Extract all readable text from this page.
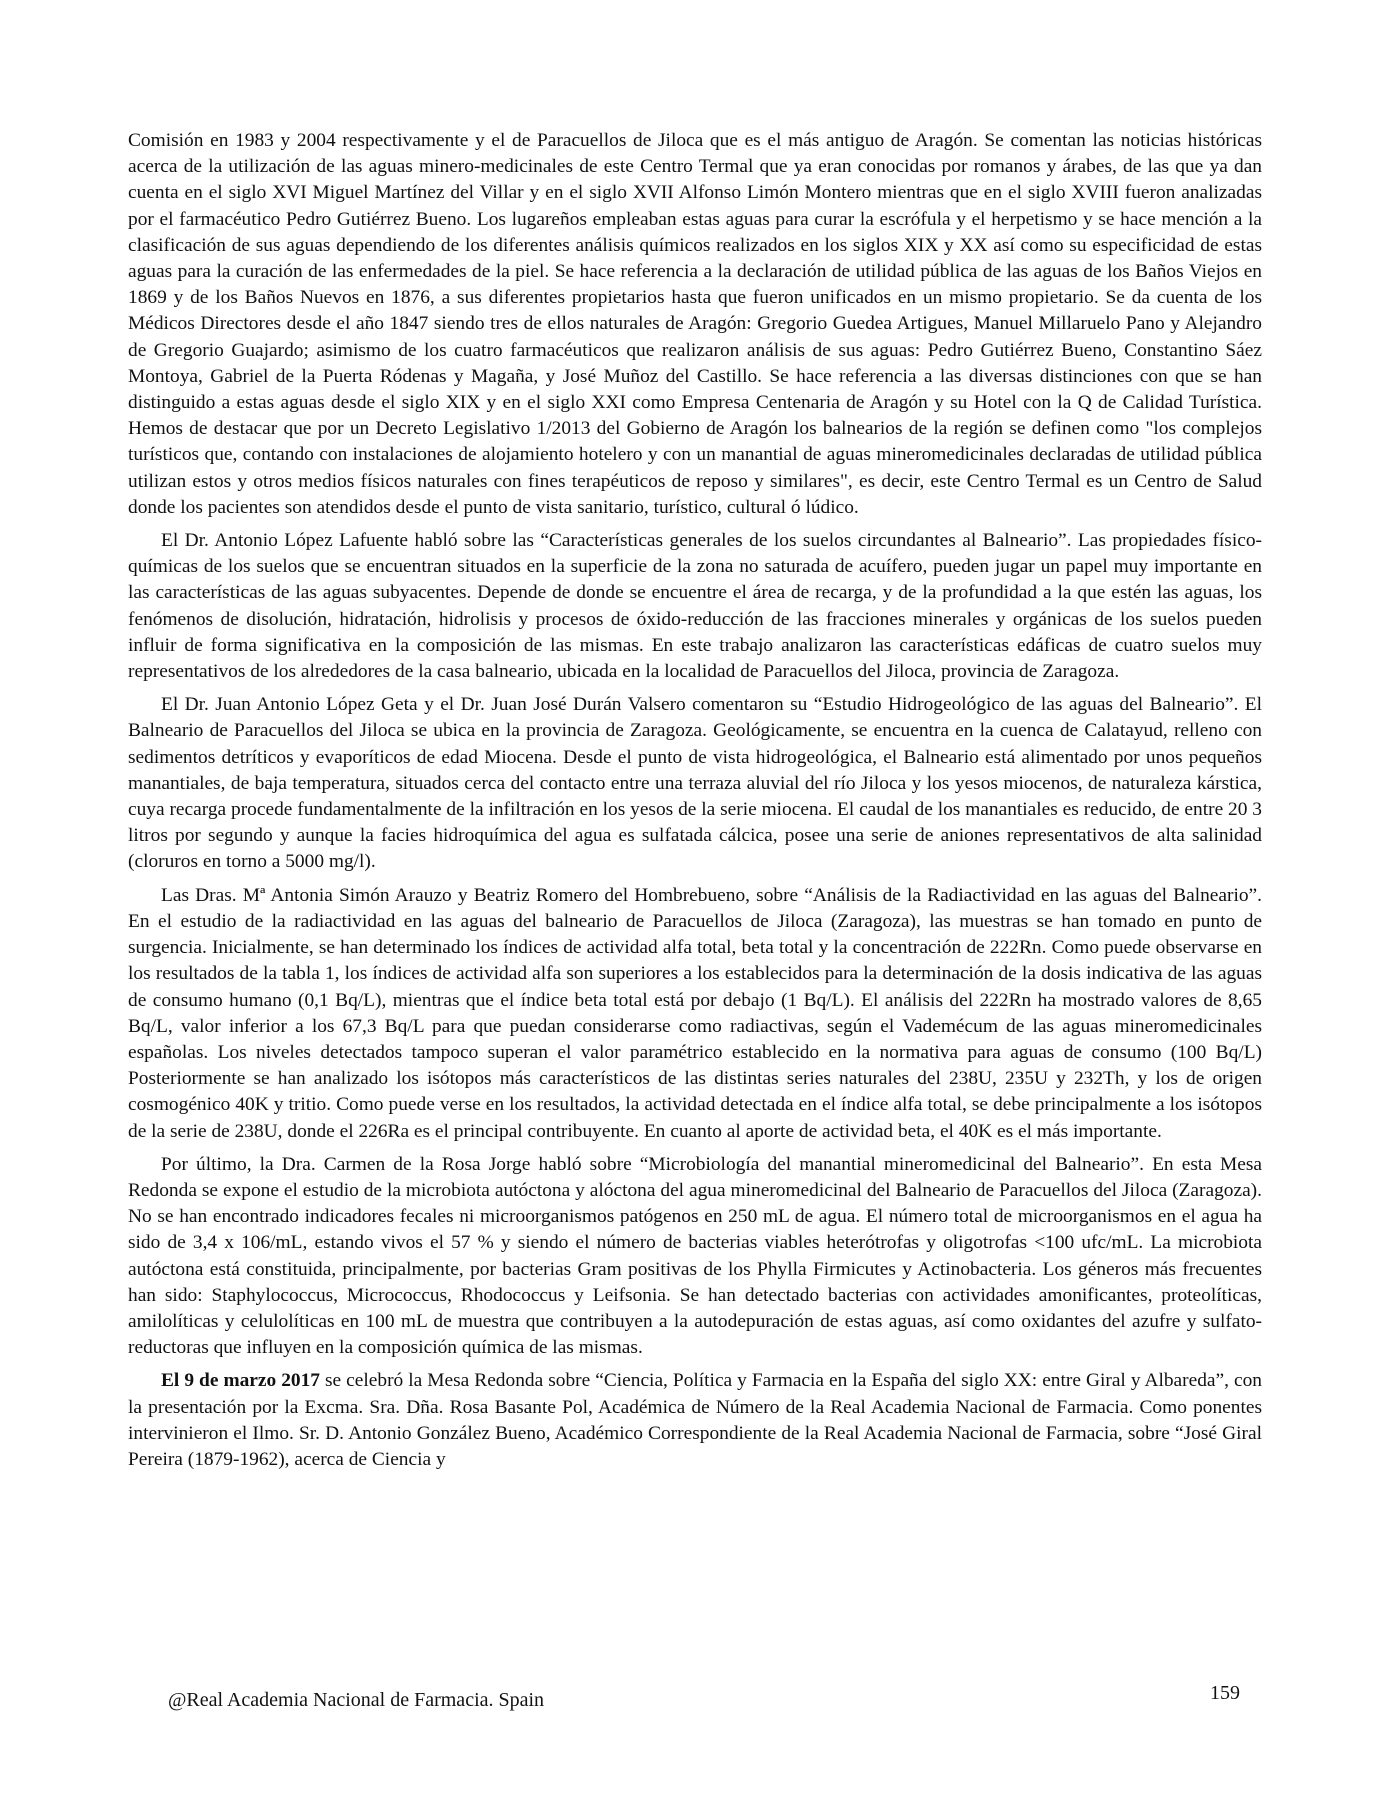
Comisión en 1983 y 2004 respectivamente y el de Paracuellos de Jiloca que es el más antiguo de Aragón. Se comentan las noticias históricas acerca de la utilización de las aguas minero-medicinales de este Centro Termal que ya eran conocidas por romanos y árabes, de las que ya dan cuenta en el siglo XVI Miguel Martínez del Villar y en el siglo XVII Alfonso Limón Montero mientras que en el siglo XVIII fueron analizadas por el farmacéutico Pedro Gutiérrez Bueno. Los lugareños empleaban estas aguas para curar la escrófula y el herpetismo y se hace mención a la clasificación de sus aguas dependiendo de los diferentes análisis químicos realizados en los siglos XIX y XX así como su especificidad de estas aguas para la curación de las enfermedades de la piel. Se hace referencia a la declaración de utilidad pública de las aguas de los Baños Viejos en 1869 y de los Baños Nuevos en 1876, a sus diferentes propietarios hasta que fueron unificados en un mismo propietario. Se da cuenta de los Médicos Directores desde el año 1847 siendo tres de ellos naturales de Aragón: Gregorio Guedea Artigues, Manuel Millaruelo Pano y Alejandro de Gregorio Guajardo; asimismo de los cuatro farmacéuticos que realizaron análisis de sus aguas: Pedro Gutiérrez Bueno, Constantino Sáez Montoya, Gabriel de la Puerta Ródenas y Magaña, y José Muñoz del Castillo. Se hace referencia a las diversas distinciones con que se han distinguido a estas aguas desde el siglo XIX y en el siglo XXI como Empresa Centenaria de Aragón y su Hotel con la Q de Calidad Turística. Hemos de destacar que por un Decreto Legislativo 1/2013 del Gobierno de Aragón los balnearios de la región se definen como "los complejos turísticos que, contando con instalaciones de alojamiento hotelero y con un manantial de aguas mineromedicinales declaradas de utilidad pública utilizan estos y otros medios físicos naturales con fines terapéuticos de reposo y similares", es decir, este Centro Termal es un Centro de Salud donde los pacientes son atendidos desde el punto de vista sanitario, turístico, cultural ó lúdico.

El Dr. Antonio López Lafuente habló sobre las “Características generales de los suelos circundantes al Balneario”. Las propiedades físico-químicas de los suelos que se encuentran situados en la superficie de la zona no saturada de acuífero, pueden jugar un papel muy importante en las características de las aguas subyacentes. Depende de donde se encuentre el área de recarga, y de la profundidad a la que estén las aguas, los fenómenos de disolución, hidratación, hidrolisis y procesos de óxido-reducción de las fracciones minerales y orgánicas de los suelos pueden influir de forma significativa en la composición de las mismas. En este trabajo analizaron las características edáficas de cuatro suelos muy representativos de los alrededores de la casa balneario, ubicada en la localidad de Paracuellos del Jiloca, provincia de Zaragoza.

El Dr. Juan Antonio López Geta y el Dr. Juan José Durán Valsero comentaron su “Estudio Hidrogeológico de las aguas del Balneario”. El Balneario de Paracuellos del Jiloca se ubica en la provincia de Zaragoza. Geológicamente, se encuentra en la cuenca de Calatayud, relleno con sedimentos detríticos y evaporíticos de edad Miocena. Desde el punto de vista hidrogeológica, el Balneario está alimentado por unos pequeños manantiales, de baja temperatura, situados cerca del contacto entre una terraza aluvial del río Jiloca y los yesos miocenos, de naturaleza kárstica, cuya recarga procede fundamentalmente de la infiltración en los yesos de la serie miocena. El caudal de los manantiales es reducido, de entre 20 3 litros por segundo y aunque la facies hidroquímica del agua es sulfatada cálcica, posee una serie de aniones representativos de alta salinidad (cloruros en torno a 5000 mg/l).

Las Dras. Mª Antonia Simón Arauzo y Beatriz Romero del Hombrebueno, sobre “Análisis de la Radiactividad en las aguas del Balneario”. En el estudio de la radiactividad en las aguas del balneario de Paracuellos de Jiloca (Zaragoza), las muestras se han tomado en punto de surgencia. Inicialmente, se han determinado los índices de actividad alfa total, beta total y la concentración de 222Rn. Como puede observarse en los resultados de la tabla 1, los índices de actividad alfa son superiores a los establecidos para la determinación de la dosis indicativa de las aguas de consumo humano (0,1 Bq/L), mientras que el índice beta total está por debajo (1 Bq/L). El análisis del 222Rn ha mostrado valores de 8,65 Bq/L, valor inferior a los 67,3 Bq/L para que puedan considerarse como radiactivas, según el Vademécum de las aguas mineromedicinales españolas. Los niveles detectados tampoco superan el valor paramétrico establecido en la normativa para aguas de consumo (100 Bq/L) Posteriormente se han analizado los isótopos más característicos de las distintas series naturales del 238U, 235U y 232Th, y los de origen cosmogénico 40K y tritio. Como puede verse en los resultados, la actividad detectada en el índice alfa total, se debe principalmente a los isótopos de la serie de 238U, donde el 226Ra es el principal contribuyente. En cuanto al aporte de actividad beta, el 40K es el más importante.

Por último, la Dra. Carmen de la Rosa Jorge habló sobre “Microbiología del manantial mineromedicinal del Balneario”. En esta Mesa Redonda se expone el estudio de la microbiota autóctona y alóctona del agua mineromedicinal del Balneario de Paracuellos del Jiloca (Zaragoza). No se han encontrado indicadores fecales ni microorganismos patógenos en 250 mL de agua. El número total de microorganismos en el agua ha sido de 3,4 x 106/mL, estando vivos el 57 % y siendo el número de bacterias viables heterótrofas y oligotrofas <100 ufc/mL. La microbiota autóctona está constituida, principalmente, por bacterias Gram positivas de los Phylla Firmicutes y Actinobacteria. Los géneros más frecuentes han sido: Staphylococcus, Micrococcus, Rhodococcus y Leifsonia. Se han detectado bacterias con actividades amonificantes, proteolíticas, amilolíticas y celulolíticas en 100 mL de muestra que contribuyen a la autodepuración de estas aguas, así como oxidantes del azufre y sulfato-reductoras que influyen en la composición química de las mismas.

El 9 de marzo 2017 se celebró la Mesa Redonda sobre “Ciencia, Política y Farmacia en la España del siglo XX: entre Giral y Albareda”, con la presentación por la Excma. Sra. Dña. Rosa Basante Pol, Académica de Número de la Real Academia Nacional de Farmacia. Como ponentes intervinieron el Ilmo. Sr. D. Antonio González Bueno, Académico Correspondiente de la Real Academia Nacional de Farmacia, sobre “José Giral Pereira (1879-1962), acerca de Ciencia y

@Real Academia Nacional de Farmacia. Spain	159
